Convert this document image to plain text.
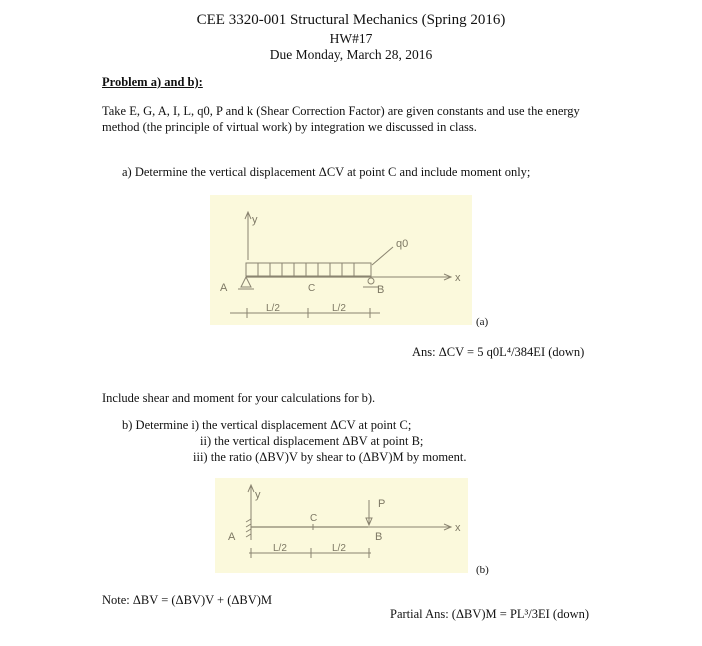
CEE 3320-001 Structural Mechanics (Spring 2016)
HW#17
Due Monday, March 28, 2016
Problem a) and b):
Take E, G, A, I, L, q0, P and k (Shear Correction Factor) are given constants and use the energy
method (the principle of virtual work) by integration we discussed in class.
a) Determine the vertical displacement ΔCV at point C and include moment only;
y
x
q0
A	C	B
L/2	L/2
(a)
Ans: ΔCV = 5 q0L⁴/384EI (down)
Include shear and moment for your calculations for b).
b) Determine i) the vertical displacement ΔCV at point C;
ii) the vertical displacement ΔBV at point B;
iii) the ratio (ΔBV)V by shear to (ΔBV)M by moment.
y
x
P
A
C
B
L/2	L/2
(b)
Note: ΔBV = (ΔBV)V + (ΔBV)M
Partial Ans: (ΔBV)M = PL³/3EI (down)
